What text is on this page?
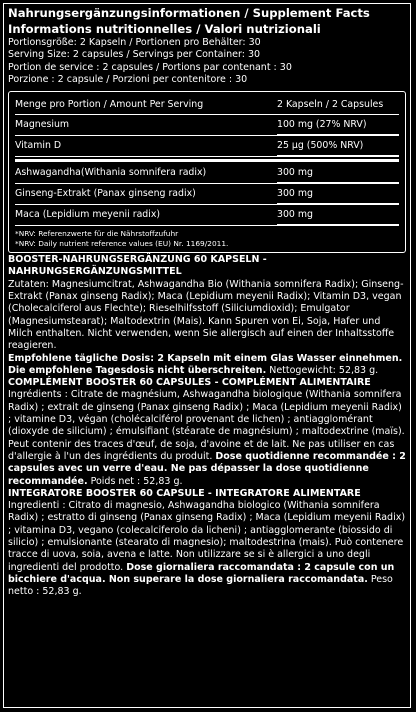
Nahrungsergänzungsinformationen / Supplement Facts
Informations nutritionnelles / Valori nutrizionali
Portionsgröße: 2 Kapseln / Portionen pro Behälter: 30
Serving Size: 2 capsules / Servings per Container: 30
Portion de service : 2 capsules / Portions par contenant : 30
Porzione : 2 capsule / Porzioni per contenitore : 30
Menge pro Portion / Amount Per Serving	2 Kapseln / 2 Capsules
Magnesium	100 mg (27% NRV)
Vitamin D	25 µg (500% NRV)
Ashwagandha(Withania somnifera radix)	300 mg
Ginseng-Extrakt (Panax ginseng radix)	300 mg
Maca (Lepidium meyenii radix)	300 mg
*NRV: Referenzwerte für die Nährstoffzufuhr
*NRV: Daily nutrient reference values (EU) Nr. 1169/2011.

BOOSTER-NAHRUNGSERGÄNZUNG 60 KAPSELN - NAHRUNGSERGÄNZUNGSMITTEL

Zutaten: Magnesiumcitrat, Ashwagandha Bio (Withania somnifera Radix); Ginseng-Extrakt (Panax ginseng Radix); Maca (Lepidium meyenii Radix); Vitamin D3, vegan (Cholecalciferol aus Flechte); Rieselhilfsstoff (Siliciumdioxid); Emulgator (Magnesiumstearat); Maltodextrin (Mais). Kann Spuren von Ei, Soja, Hafer und Milch enthalten. Nicht verwenden, wenn Sie allergisch auf einen der Inhaltsstoffe reagieren.
Empfohlene tägliche Dosis: 2 Kapseln mit einem Glas Wasser einnehmen. Die empfohlene Tagesdosis nicht überschreiten. Nettogewicht: 52,83 g.

COMPLÉMENT BOOSTER 60 CAPSULES - COMPLÉMENT ALIMENTAIRE

Ingrédients : Citrate de magnésium, Ashwagandha biologique (Withania somnifera Radix) ; extrait de ginseng (Panax ginseng Radix) ; Maca (Lepidium meyenii Radix) ; vitamine D3, végan (cholécalciférol provenant de lichen) ; antiagglomérant (dioxyde de silicium) ; émulsifiant (stéarate de magnésium) ; maltodextrine (maïs). Peut contenir des traces d'œuf, de soja, d'avoine et de lait. Ne pas utiliser en cas d'allergie à l'un des ingrédients du produit. Dose quotidienne recommandée : 2 capsules avec un verre d'eau. Ne pas dépasser la dose quotidienne recommandée. Poids net : 52,83 g.

INTEGRATORE BOOSTER 60 CAPSULE - INTEGRATORE ALIMENTARE

Ingredienti : Citrato di magnesio, Ashwagandha biologico (Withania somnifera Radix) ; estratto di ginseng (Panax ginseng Radix) ; Maca (Lepidium meyenii Radix) ; vitamina D3, vegano (colecalciferolo da licheni) ; antiagglomerante (biossido di silicio) ; emulsionante (stearato di magnesio); maltodestrina (mais). Può contenere tracce di uova, soia, avena e latte. Non utilizzare se si è allergici a uno degli ingredienti del prodotto. Dose giornaliera raccomandata : 2 capsule con un bicchiere d'acqua. Non superare la dose giornaliera raccomandata. Peso netto : 52,83 g.
